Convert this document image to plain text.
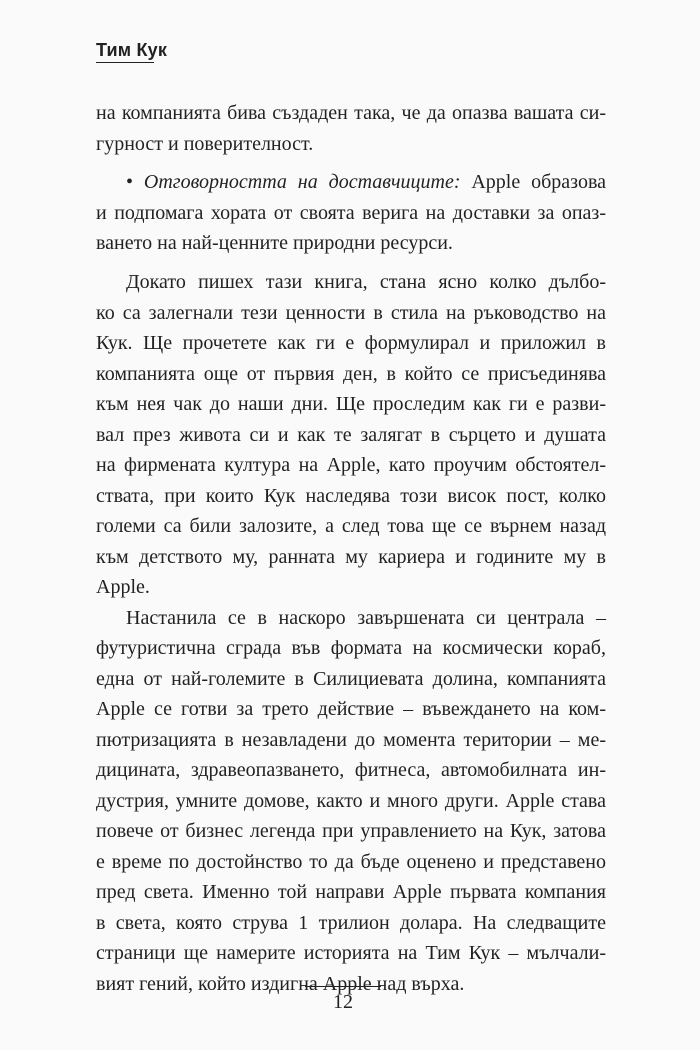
Тим Кук
на компанията бива създаден така, че да опазва вашата си-
гурност и поверителност.
• Отговорността на доставчиците: Apple образова
и подпомага хората от своята верига на доставки за опаз-
ването на най-ценните природни ресурси.
Докато пишех тази книга, стана ясно колко дълбо-
ко са залегнали тези ценности в стила на ръководство на
Кук. Ще прочетете как ги е формулирал и приложил в
компанията още от първия ден, в който се присъединява
към нея чак до наши дни. Ще проследим как ги е разви-
вал през живота си и как те залягат в сърцето и душата
на фирмената култура на Apple, като проучим обстоятел-
ствата, при които Кук наследява този висок пост, колко
големи са били залозите, а след това ще се върнем назад
към детството му, ранната му кариера и годините му в
Apple.
Настанила се в наскоро завършената си централа –
футуристична сграда във формата на космически кораб,
една от най-големите в Силициевата долина, компанията
Apple се готви за трето действие – въвеждането на ком-
пютризацията в незавладени до момента територии – ме-
дицината, здравеопазването, фитнеса, автомобилната ин-
дустрия, умните домове, както и много други. Apple става
повече от бизнес легенда при управлението на Кук, затова
е време по достойнство то да бъде оценено и представено
пред света. Именно той направи Apple първата компания
в света, която струва 1 трилион долара. На следващите
страници ще намерите историята на Тим Кук – мълчали-
вият гений, който издигна Apple над върха.
12
